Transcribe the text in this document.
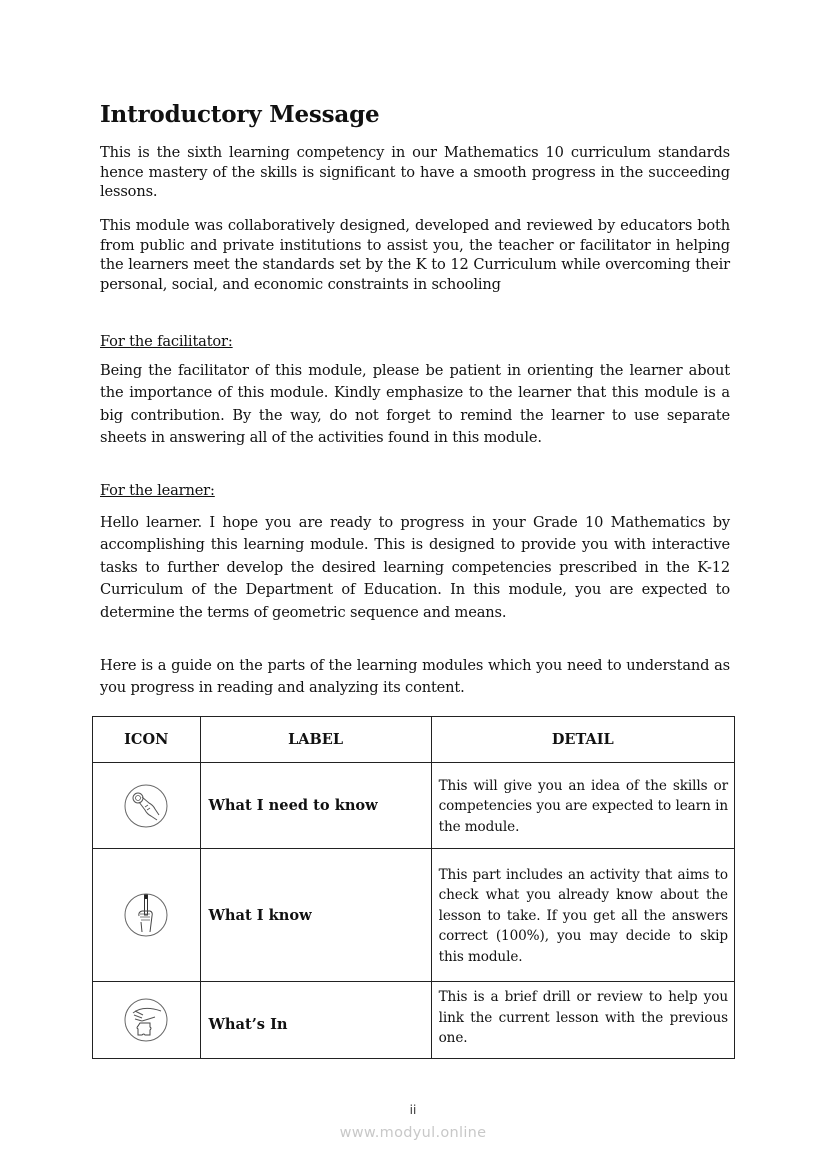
Introductory Message

This is the sixth learning competency in our Mathematics 10 curriculum standards hence mastery of the skills is significant to have a smooth progress in the succeeding lessons.

This module was collaboratively designed, developed and reviewed by educators both from public and private institutions to assist you, the teacher or facilitator in helping the learners meet the standards set by the K to 12 Curriculum while overcoming their personal, social, and economic constraints in schooling

For the facilitator:

Being the facilitator of this module, please be patient in orienting the learner about the importance of this module. Kindly emphasize to the learner that this module is a big contribution. By the way, do not forget to remind the learner to use separate sheets in answering all of the activities found in this module.

For the learner:

Hello learner. I hope you are ready to progress in your Grade 10 Mathematics by accomplishing this learning module. This is designed to provide you with interactive tasks to further develop the desired learning competencies prescribed in the K-12 Curriculum of the Department of Education. In this module, you are expected to determine the terms of geometric sequence and means.

Here is a guide on the parts of the learning modules which you need to understand as you progress in reading and analyzing its content.

ICON	LABEL	DETAIL

	What I need to know	This will give you an idea of the skills or competencies you are expected to learn in the module.

	What I know	This part includes an activity that aims to check what you already know about the lesson to take. If you get all the answers correct (100%), you may decide to skip this module.

	What’s In	This is a brief drill or review to help you link the current lesson with the previous one.
ii
www.modyul.online
